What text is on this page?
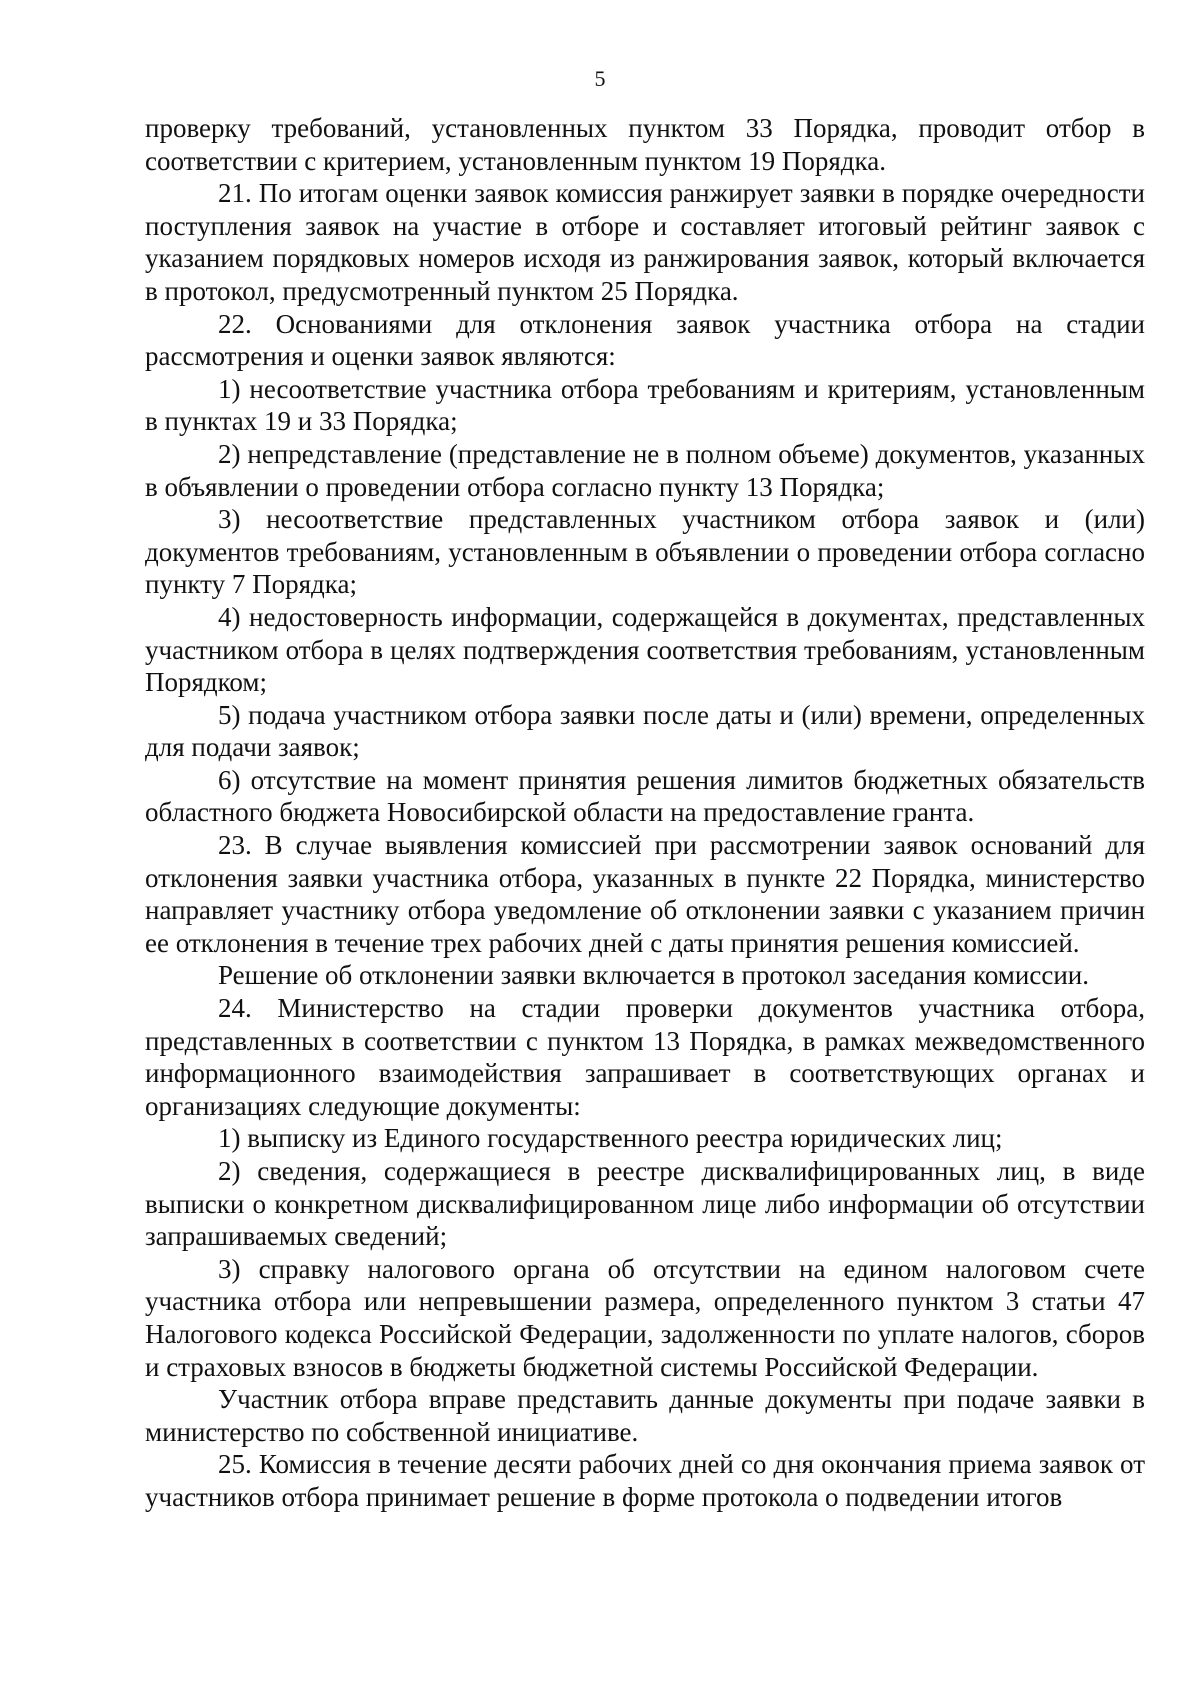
5

проверку требований, установленных пунктом 33 Порядка, проводит отбор в соответствии с критерием, установленным пунктом 19 Порядка.

21. По итогам оценки заявок комиссия ранжирует заявки в порядке очередности поступления заявок на участие в отборе и составляет итоговый рейтинг заявок с указанием порядковых номеров исходя из ранжирования заявок, который включается в протокол, предусмотренный пунктом 25 Порядка.

22. Основаниями для отклонения заявок участника отбора на стадии рассмотрения и оценки заявок являются:

1) несоответствие участника отбора требованиям и критериям, установленным в пунктах 19 и 33 Порядка;

2) непредставление (представление не в полном объеме) документов, указанных в объявлении о проведении отбора согласно пункту 13 Порядка;

3) несоответствие представленных участником отбора заявок и (или) документов требованиям, установленным в объявлении о проведении отбора согласно пункту 7 Порядка;

4) недостоверность информации, содержащейся в документах, представленных участником отбора в целях подтверждения соответствия требованиям, установленным Порядком;

5) подача участником отбора заявки после даты и (или) времени, определенных для подачи заявок;

6) отсутствие на момент принятия решения лимитов бюджетных обязательств областного бюджета Новосибирской области на предоставление гранта.

23. В случае выявления комиссией при рассмотрении заявок оснований для отклонения заявки участника отбора, указанных в пункте 22 Порядка, министерство направляет участнику отбора уведомление об отклонении заявки с указанием причин ее отклонения в течение трех рабочих дней с даты принятия решения комиссией.

Решение об отклонении заявки включается в протокол заседания комиссии.

24. Министерство на стадии проверки документов участника отбора, представленных в соответствии с пунктом 13 Порядка, в рамках межведомственного информационного взаимодействия запрашивает в соответствующих органах и организациях следующие документы:

1) выписку из Единого государственного реестра юридических лиц;

2) сведения, содержащиеся в реестре дисквалифицированных лиц, в виде выписки о конкретном дисквалифицированном лице либо информации об отсутствии запрашиваемых сведений;

3) справку налогового органа об отсутствии на едином налоговом счете участника отбора или непревышении размера, определенного пунктом 3 статьи 47 Налогового кодекса Российской Федерации, задолженности по уплате налогов, сборов и страховых взносов в бюджеты бюджетной системы Российской Федерации.

Участник отбора вправе представить данные документы при подаче заявки в министерство по собственной инициативе.

25. Комиссия в течение десяти рабочих дней со дня окончания приема заявок от участников отбора принимает решение в форме протокола о подведении итогов
